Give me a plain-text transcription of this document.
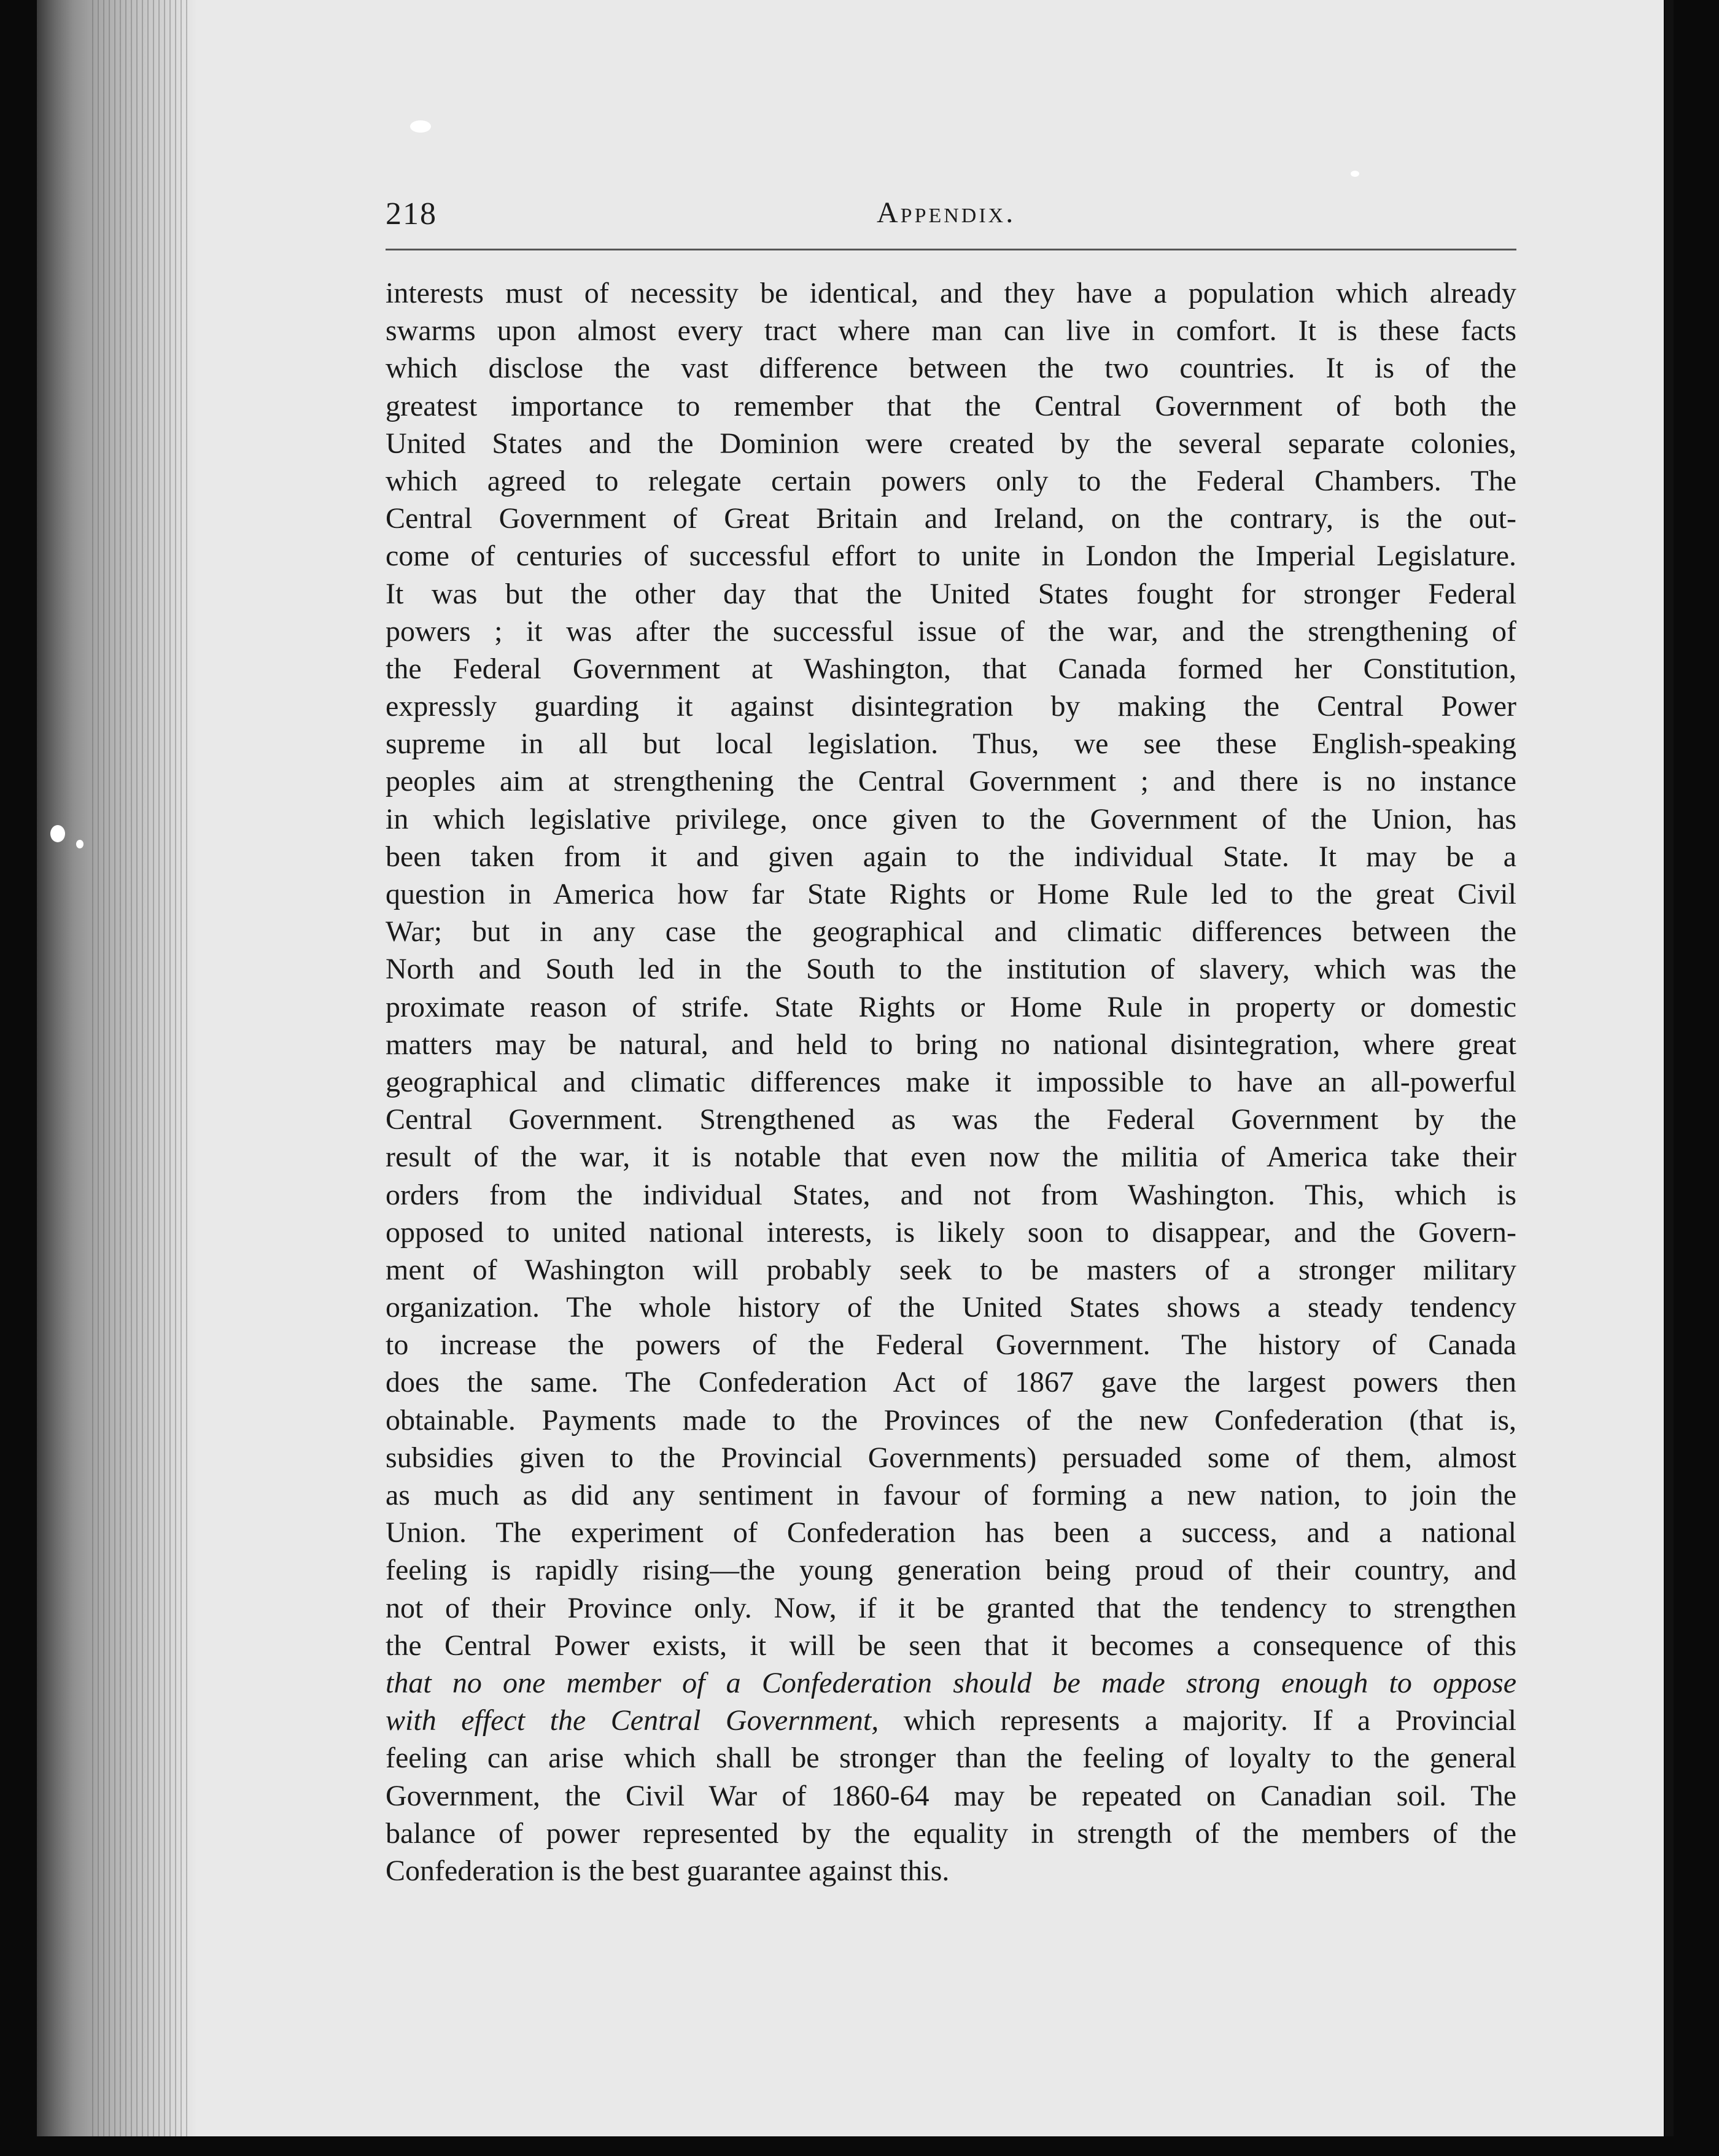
218	Appendix.
interests must of necessity be identical, and they have a population which already
swarms upon almost every tract where man can live in comfort. It is these facts
which disclose the vast difference between the two countries. It is of the
greatest importance to remember that the Central Government of both the
United States and the Dominion were created by the several separate colonies,
which agreed to relegate certain powers only to the Federal Chambers. The
Central Government of Great Britain and Ireland, on the contrary, is the out-
come of centuries of successful effort to unite in London the Imperial Legislature.
It was but the other day that the United States fought for stronger Federal
powers ; it was after the successful issue of the war, and the strengthening of
the Federal Government at Washington, that Canada formed her Constitution,
expressly guarding it against disintegration by making the Central Power
supreme in all but local legislation. Thus, we see these English-speaking
peoples aim at strengthening the Central Government ; and there is no instance
in which legislative privilege, once given to the Government of the Union, has
been taken from it and given again to the individual State. It may be a
question in America how far State Rights or Home Rule led to the great Civil
War; but in any case the geographical and climatic differences between the
North and South led in the South to the institution of slavery, which was the
proximate reason of strife. State Rights or Home Rule in property or domestic
matters may be natural, and held to bring no national disintegration, where great
geographical and climatic differences make it impossible to have an all-powerful
Central Government. Strengthened as was the Federal Government by the
result of the war, it is notable that even now the militia of America take their
orders from the individual States, and not from Washington. This, which is
opposed to united national interests, is likely soon to disappear, and the Govern-
ment of Washington will probably seek to be masters of a stronger military
organization. The whole history of the United States shows a steady tendency
to increase the powers of the Federal Government. The history of Canada
does the same. The Confederation Act of 1867 gave the largest powers then
obtainable. Payments made to the Provinces of the new Confederation (that is,
subsidies given to the Provincial Governments) persuaded some of them, almost
as much as did any sentiment in favour of forming a new nation, to join the
Union. The experiment of Confederation has been a success, and a national
feeling is rapidly rising—the young generation being proud of their country, and
not of their Province only. Now, if it be granted that the tendency to strengthen
the Central Power exists, it will be seen that it becomes a consequence of this
that no one member of a Confederation should be made strong enough to oppose
with effect the Central Government, which represents a majority. If a Provincial
feeling can arise which shall be stronger than the feeling of loyalty to the general
Government, the Civil War of 1860-64 may be repeated on Canadian soil. The
balance of power represented by the equality in strength of the members of the
Confederation is the best guarantee against this.
